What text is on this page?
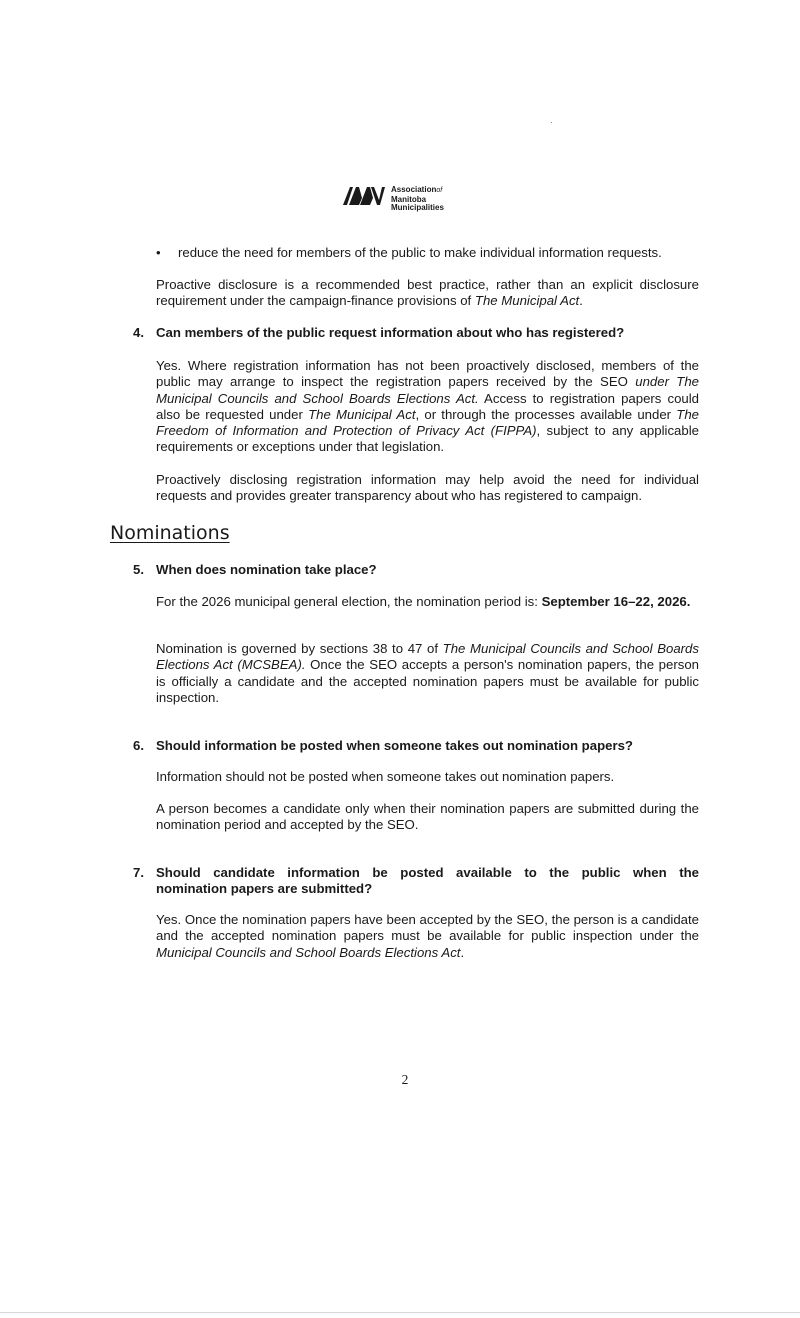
Associationof
Manitoba
Municipalities
• reduce the need for members of the public to make individual information requests.
Proactive disclosure is a recommended best practice, rather than an explicit disclosure requirement under the campaign-finance provisions of The Municipal Act.
4. Can members of the public request information about who has registered?
Yes. Where registration information has not been proactively disclosed, members of the public may arrange to inspect the registration papers received by the SEO under The Municipal Councils and School Boards Elections Act. Access to registration papers could also be requested under The Municipal Act, or through the processes available under The Freedom of Information and Protection of Privacy Act (FIPPA), subject to any applicable requirements or exceptions under that legislation.
Proactively disclosing registration information may help avoid the need for individual requests and provides greater transparency about who has registered to campaign.
Nominations
5. When does nomination take place?
For the 2026 municipal general election, the nomination period is: September 16–22, 2026.
Nomination is governed by sections 38 to 47 of The Municipal Councils and School Boards Elections Act (MCSBEA). Once the SEO accepts a person's nomination papers, the person is officially a candidate and the accepted nomination papers must be available for public inspection.
6. Should information be posted when someone takes out nomination papers?
Information should not be posted when someone takes out nomination papers.
A person becomes a candidate only when their nomination papers are submitted during the nomination period and accepted by the SEO.
7. Should candidate information be posted available to the public when the
nomination papers are submitted?
Yes. Once the nomination papers have been accepted by the SEO, the person is a candidate and the accepted nomination papers must be available for public inspection under the Municipal Councils and School Boards Elections Act.
2
